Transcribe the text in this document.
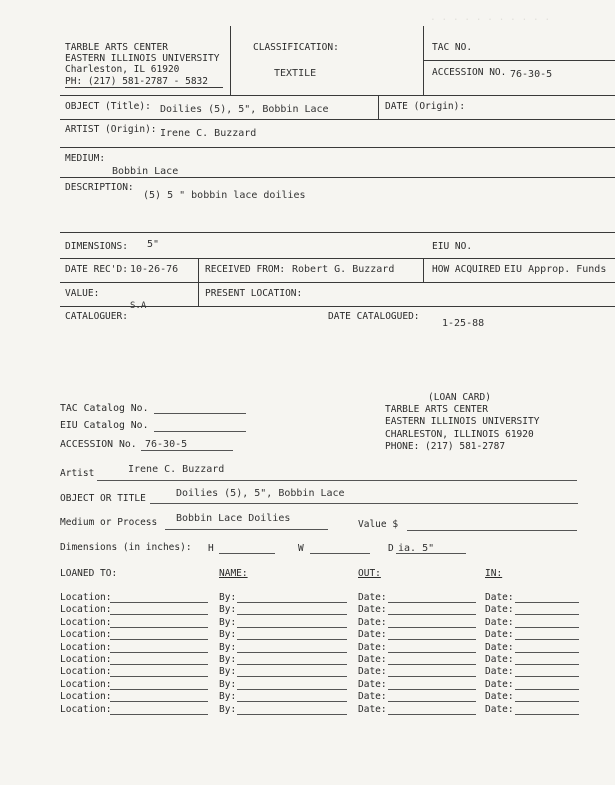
. . . . . . . . . . .
TARBLE ARTS CENTER
EASTERN ILLINOIS UNIVERSITY
Charleston, IL 61920
PH: (217) 581-2787 - 5832
CLASSIFICATION:
TEXTILE
TAC NO.
ACCESSION NO. 76-30-5
OBJECT (Title): Doilies (5), 5", Bobbin Lace	DATE (Origin):
ARTIST (Origin): Irene C. Buzzard
MEDIUM:
Bobbin Lace
DESCRIPTION:
(5) 5 " bobbin lace doilies
DIMENSIONS: 5"	EIU NO.
DATE REC'D: 10-26-76	RECEIVED FROM: Robert G. Buzzard	HOW ACQUIRED EIU Approp. Funds
VALUE:	PRESENT LOCATION:
S.A
CATALOGUER:	DATE CATALOGUED:
1-25-88
(LOAN CARD)
TARBLE ARTS CENTER
EASTERN ILLINOIS UNIVERSITY
CHARLESTON, ILLINOIS 61920
PHONE: (217) 581-2787
TAC Catalog No.
EIU Catalog No.
ACCESSION No. 76-30-5
Artist	Irene C. Buzzard
OBJECT OR TITLE	Doilies (5), 5", Bobbin Lace
Medium or Process Bobbin Lace Doilies
Value $
Dimensions (in inches): H	W	D ia. 5"
LOANED TO:	NAME:	OUT:	IN:
Location:	By:	Date:	Date:
Location:	By:	Date:	Date:
Location:	By:	Date:	Date:
Location:	By:	Date:	Date:
Location:	By:	Date:	Date:
Location:	By:	Date:	Date:
Location:	By:	Date:	Date:
Location:	By:	Date:	Date:
Location:	By:	Date:	Date:
Location:	By:	Date:	Date:
